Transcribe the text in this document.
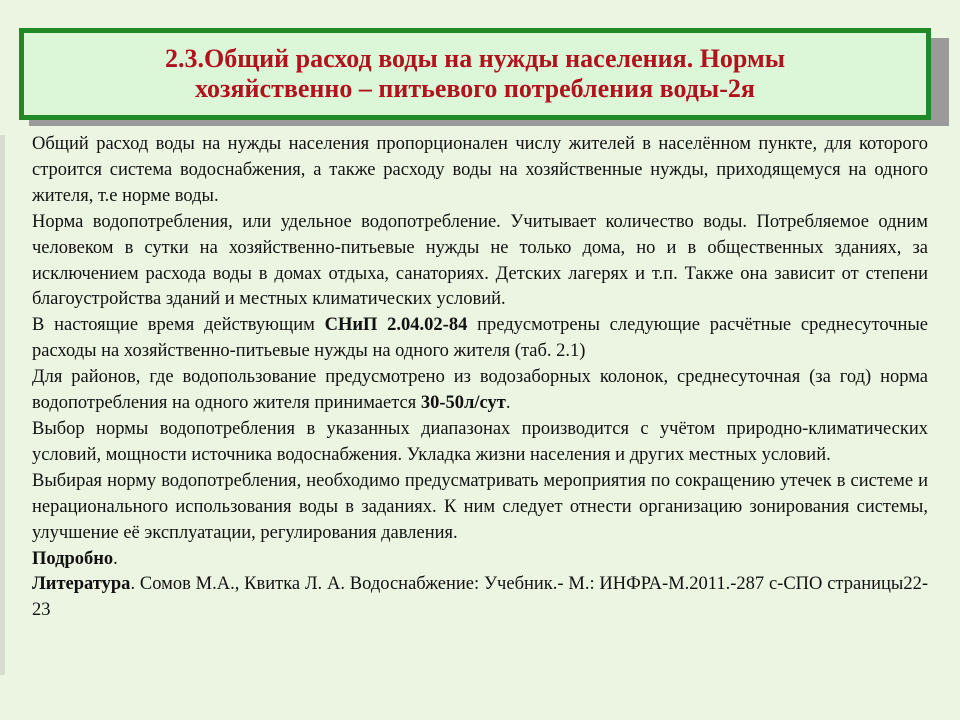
2.3.Общий расход воды на нужды населения. Нормы
хозяйственно – питьевого потребления воды-2я

Общий расход воды на нужды населения пропорционален числу жителей в населённом пункте, для которого строится система водоснабжения, а также расходу воды на хозяйственные нужды, приходящемуся на одного жителя, т.е норме воды.

Норма водопотребления, или удельное водопотребление. Учитывает количество воды. Потребляемое одним человеком в сутки на хозяйственно-питьевые нужды не только дома, но и в общественных зданиях, за исключением расхода воды в домах отдыха, санаториях. Детских лагерях и т.п. Также она зависит от степени благоустройства зданий и местных климатических условий.

В настоящие время действующим СНиП 2.04.02-84 предусмотрены следующие расчётные среднесуточные расходы на хозяйственно-питьевые нужды на одного жителя (таб. 2.1)

Для районов, где водопользование предусмотрено из водозаборных колонок, среднесуточная (за год) норма водопотребления на одного жителя принимается 30-50л/сут.

Выбор нормы водопотребления в указанных диапазонах производится с учётом природно-климатических условий, мощности источника водоснабжения. Укладка жизни населения и других местных условий.

Выбирая норму водопотребления, необходимо предусматривать мероприятия по сокращению утечек в системе и нерационального использования воды в заданиях. К ним следует отнести организацию зонирования системы, улучшение её эксплуатации, регулирования давления.

Подробно.

Литература. Сомов М.А., Квитка Л. А. Водоснабжение: Учебник.- М.: ИНФРА-М.2011.-287 с-СПО страницы22-23
